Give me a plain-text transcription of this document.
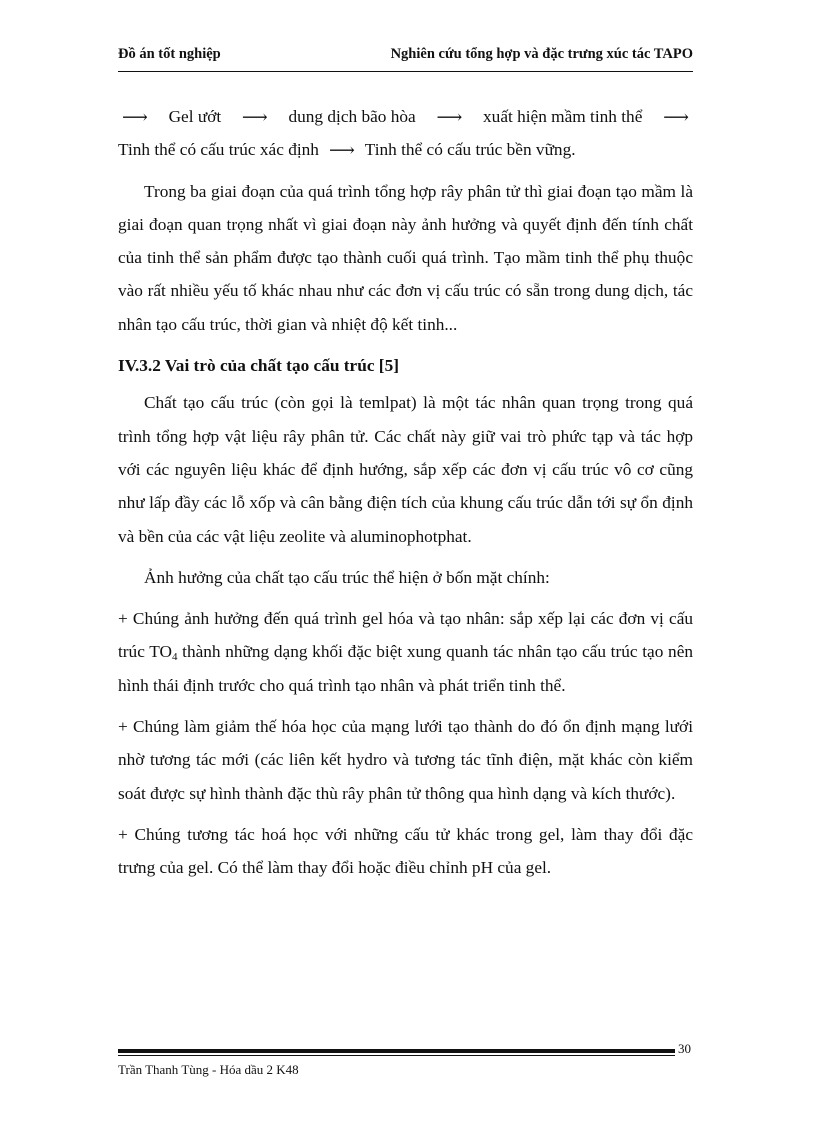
Đồ án tốt nghiệp	Nghiên cứu tổng hợp và đặc trưng xúc tác TAPO
⟶ Gel ướt ⟶ dung dịch bão hòa ⟶ xuất hiện mầm tinh thể ⟶
Tinh thể có cấu trúc xác định ⟶ Tinh thể có cấu trúc bền vững.

Trong ba giai đoạn của quá trình tổng hợp rây phân tử thì giai đoạn tạo mầm là giai đoạn quan trọng nhất vì giai đoạn này ảnh hưởng và quyết định đến tính chất của tinh thể sản phẩm được tạo thành cuối quá trình. Tạo mầm tinh thể phụ thuộc vào rất nhiều yếu tố khác nhau như các đơn vị cấu trúc có sẵn trong dung dịch, tác nhân tạo cấu trúc, thời gian và nhiệt độ kết tinh...

IV.3.2 Vai trò của chất tạo cấu trúc [5]

Chất tạo cấu trúc (còn gọi là temlpat) là một tác nhân quan trọng trong quá trình tổng hợp vật liệu rây phân tử. Các chất này giữ vai trò phức tạp và tác hợp với các nguyên liệu khác để định hướng, sắp xếp các đơn vị cấu trúc vô cơ cũng như lấp đầy các lỗ xốp và cân bằng điện tích của khung cấu trúc dẫn tới sự ổn định và bền của các vật liệu zeolite và aluminophotphat.

Ảnh hưởng của chất tạo cấu trúc thể hiện ở bốn mặt chính:

+ Chúng ảnh hưởng đến quá trình gel hóa và tạo nhân: sắp xếp lại các đơn vị cấu trúc $TO_4$ thành những dạng khối đặc biệt xung quanh tác nhân tạo cấu trúc tạo nên hình thái định trước cho quá trình tạo nhân và phát triển tinh thể.

+ Chúng làm giảm thế hóa học của mạng lưới tạo thành do đó ổn định mạng lưới nhờ tương tác mới (các liên kết hydro và tương tác tĩnh điện, mặt khác còn kiểm soát được sự hình thành đặc thù rây phân tử thông qua hình dạng và kích thước).

+ Chúng tương tác hoá học với những cấu tử khác trong gel, làm thay đổi đặc trưng của gel. Có thể làm thay đổi hoặc điều chỉnh pH của gel.

30
Trần Thanh Tùng - Hóa dầu 2 K48
